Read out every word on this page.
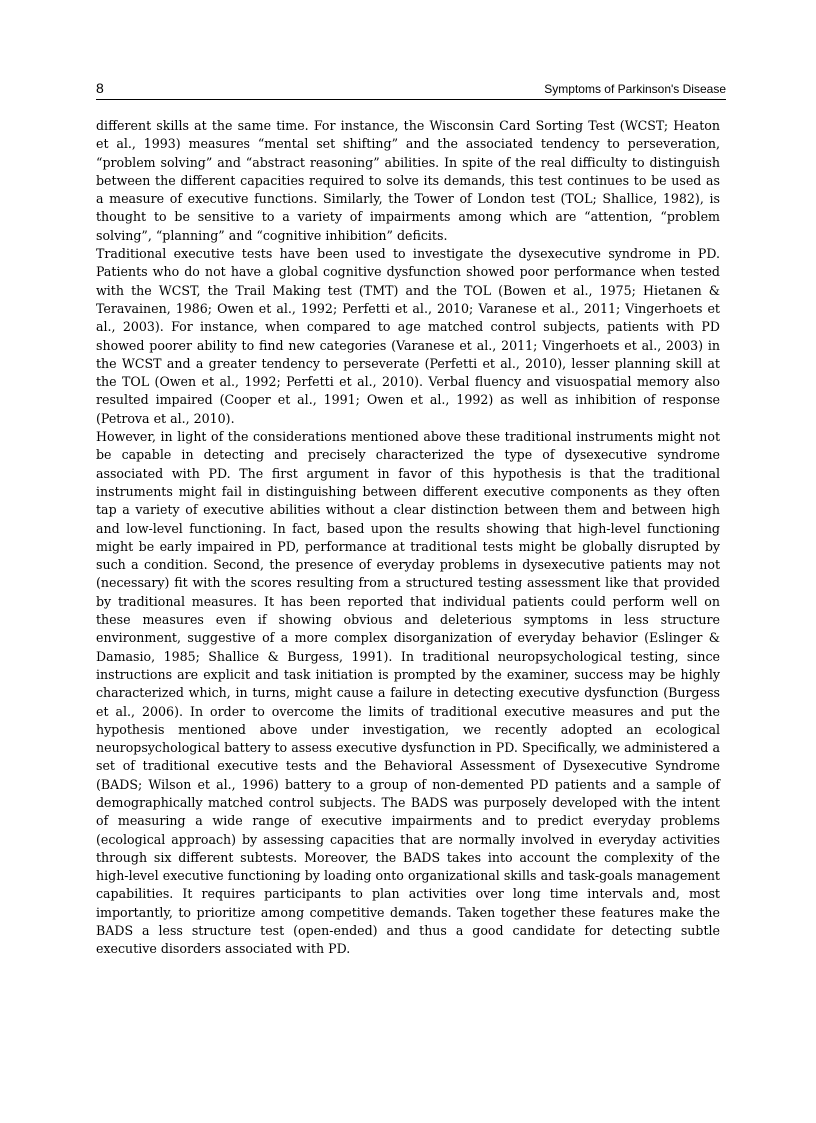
8	Symptoms of Parkinson's Disease

different skills at the same time. For instance, the Wisconsin Card Sorting Test (WCST; Heaton et al., 1993) measures “mental set shifting” and the associated tendency to perseveration, “problem solving” and “abstract reasoning” abilities. In spite of the real difficulty to distinguish between the different capacities required to solve its demands, this test continues to be used as a measure of executive functions. Similarly, the Tower of London test (TOL; Shallice, 1982), is thought to be sensitive to a variety of impairments among which are “attention, “problem solving”, “planning” and “cognitive inhibition” deficits.

Traditional executive tests have been used to investigate the dysexecutive syndrome in PD. Patients who do not have a global cognitive dysfunction showed poor performance when tested with the WCST, the Trail Making test (TMT) and the TOL (Bowen et al., 1975; Hietanen & Teravainen, 1986; Owen et al., 1992; Perfetti et al., 2010; Varanese et al., 2011; Vingerhoets et al., 2003). For instance, when compared to age matched control subjects, patients with PD showed poorer ability to find new categories (Varanese et al., 2011; Vingerhoets et al., 2003) in the WCST and a greater tendency to perseverate (Perfetti et al., 2010), lesser planning skill at the TOL (Owen et al., 1992; Perfetti et al., 2010). Verbal fluency and visuospatial memory also resulted impaired (Cooper et al., 1991; Owen et al., 1992) as well as inhibition of response (Petrova et al., 2010).

However, in light of the considerations mentioned above these traditional instruments might not be capable in detecting and precisely characterized the type of dysexecutive syndrome associated with PD. The first argument in favor of this hypothesis is that the traditional instruments might fail in distinguishing between different executive components as they often tap a variety of executive abilities without a clear distinction between them and between high and low-level functioning. In fact, based upon the results showing that high-level functioning might be early impaired in PD, performance at traditional tests might be globally disrupted by such a condition. Second, the presence of everyday problems in dysexecutive patients may not (necessary) fit with the scores resulting from a structured testing assessment like that provided by traditional measures. It has been reported that individual patients could perform well on these measures even if showing obvious and deleterious symptoms in less structure environment, suggestive of a more complex disorganization of everyday behavior (Eslinger & Damasio, 1985; Shallice & Burgess, 1991). In traditional neuropsychological testing, since instructions are explicit and task initiation is prompted by the examiner, success may be highly characterized which, in turns, might cause a failure in detecting executive dysfunction (Burgess et al., 2006). In order to overcome the limits of traditional executive measures and put the hypothesis mentioned above under investigation, we recently adopted an ecological neuropsychological battery to assess executive dysfunction in PD. Specifically, we administered a set of traditional executive tests and the Behavioral Assessment of Dysexecutive Syndrome (BADS; Wilson et al., 1996) battery to a group of non-demented PD patients and a sample of demographically matched control subjects. The BADS was purposely developed with the intent of measuring a wide range of executive impairments and to predict everyday problems (ecological approach) by assessing capacities that are normally involved in everyday activities through six different subtests. Moreover, the BADS takes into account the complexity of the high-level executive functioning by loading onto organizational skills and task-goals management capabilities. It requires participants to plan activities over long time intervals and, most importantly, to prioritize among competitive demands. Taken together these features make the BADS a less structure test (open-ended) and thus a good candidate for detecting subtle executive disorders associated with PD.
